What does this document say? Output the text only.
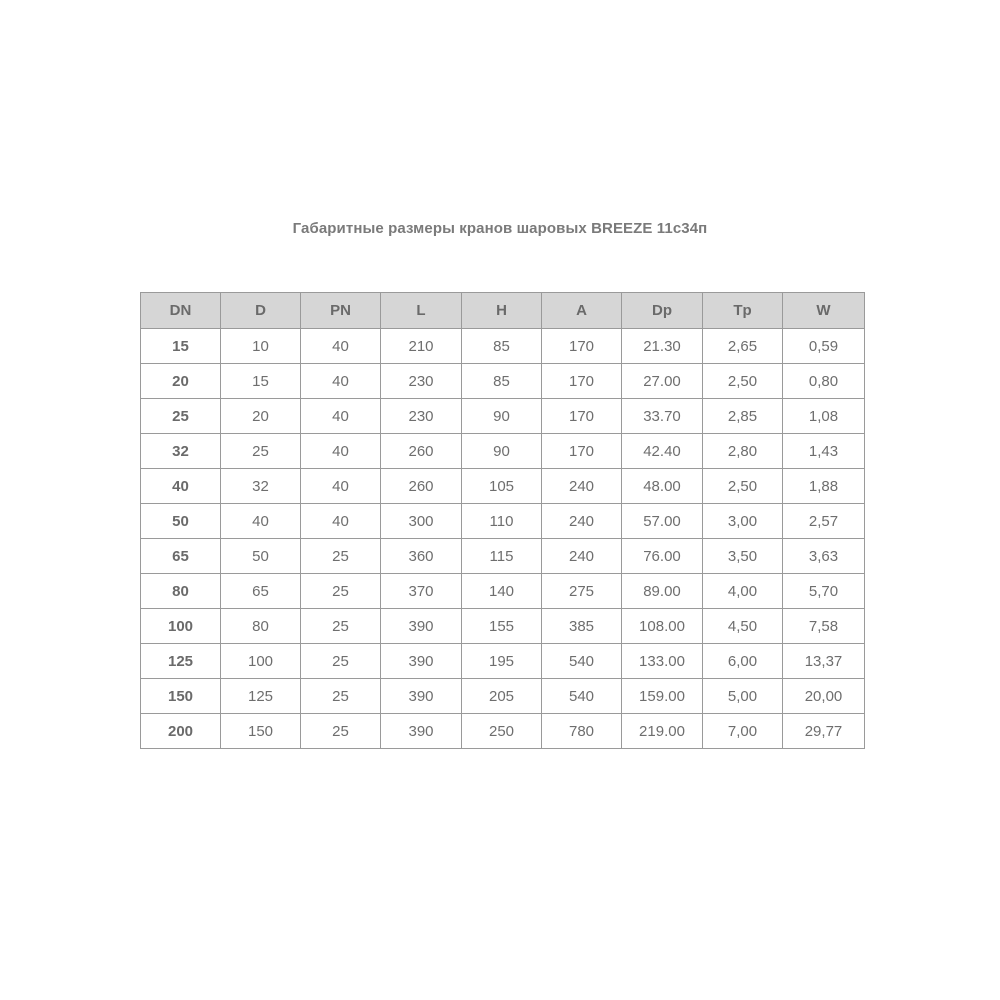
Габаритные размеры кранов шаровых BREEZE 11с34п
DN	D	PN	L	H	A	Dp	Tp	W
15	10	40	210	85	170	21.30	2,65	0,59
20	15	40	230	85	170	27.00	2,50	0,80
25	20	40	230	90	170	33.70	2,85	1,08
32	25	40	260	90	170	42.40	2,80	1,43
40	32	40	260	105	240	48.00	2,50	1,88
50	40	40	300	110	240	57.00	3,00	2,57
65	50	25	360	115	240	76.00	3,50	3,63
80	65	25	370	140	275	89.00	4,00	5,70
100	80	25	390	155	385	108.00	4,50	7,58
125	100	25	390	195	540	133.00	6,00	13,37
150	125	25	390	205	540	159.00	5,00	20,00
200	150	25	390	250	780	219.00	7,00	29,77
